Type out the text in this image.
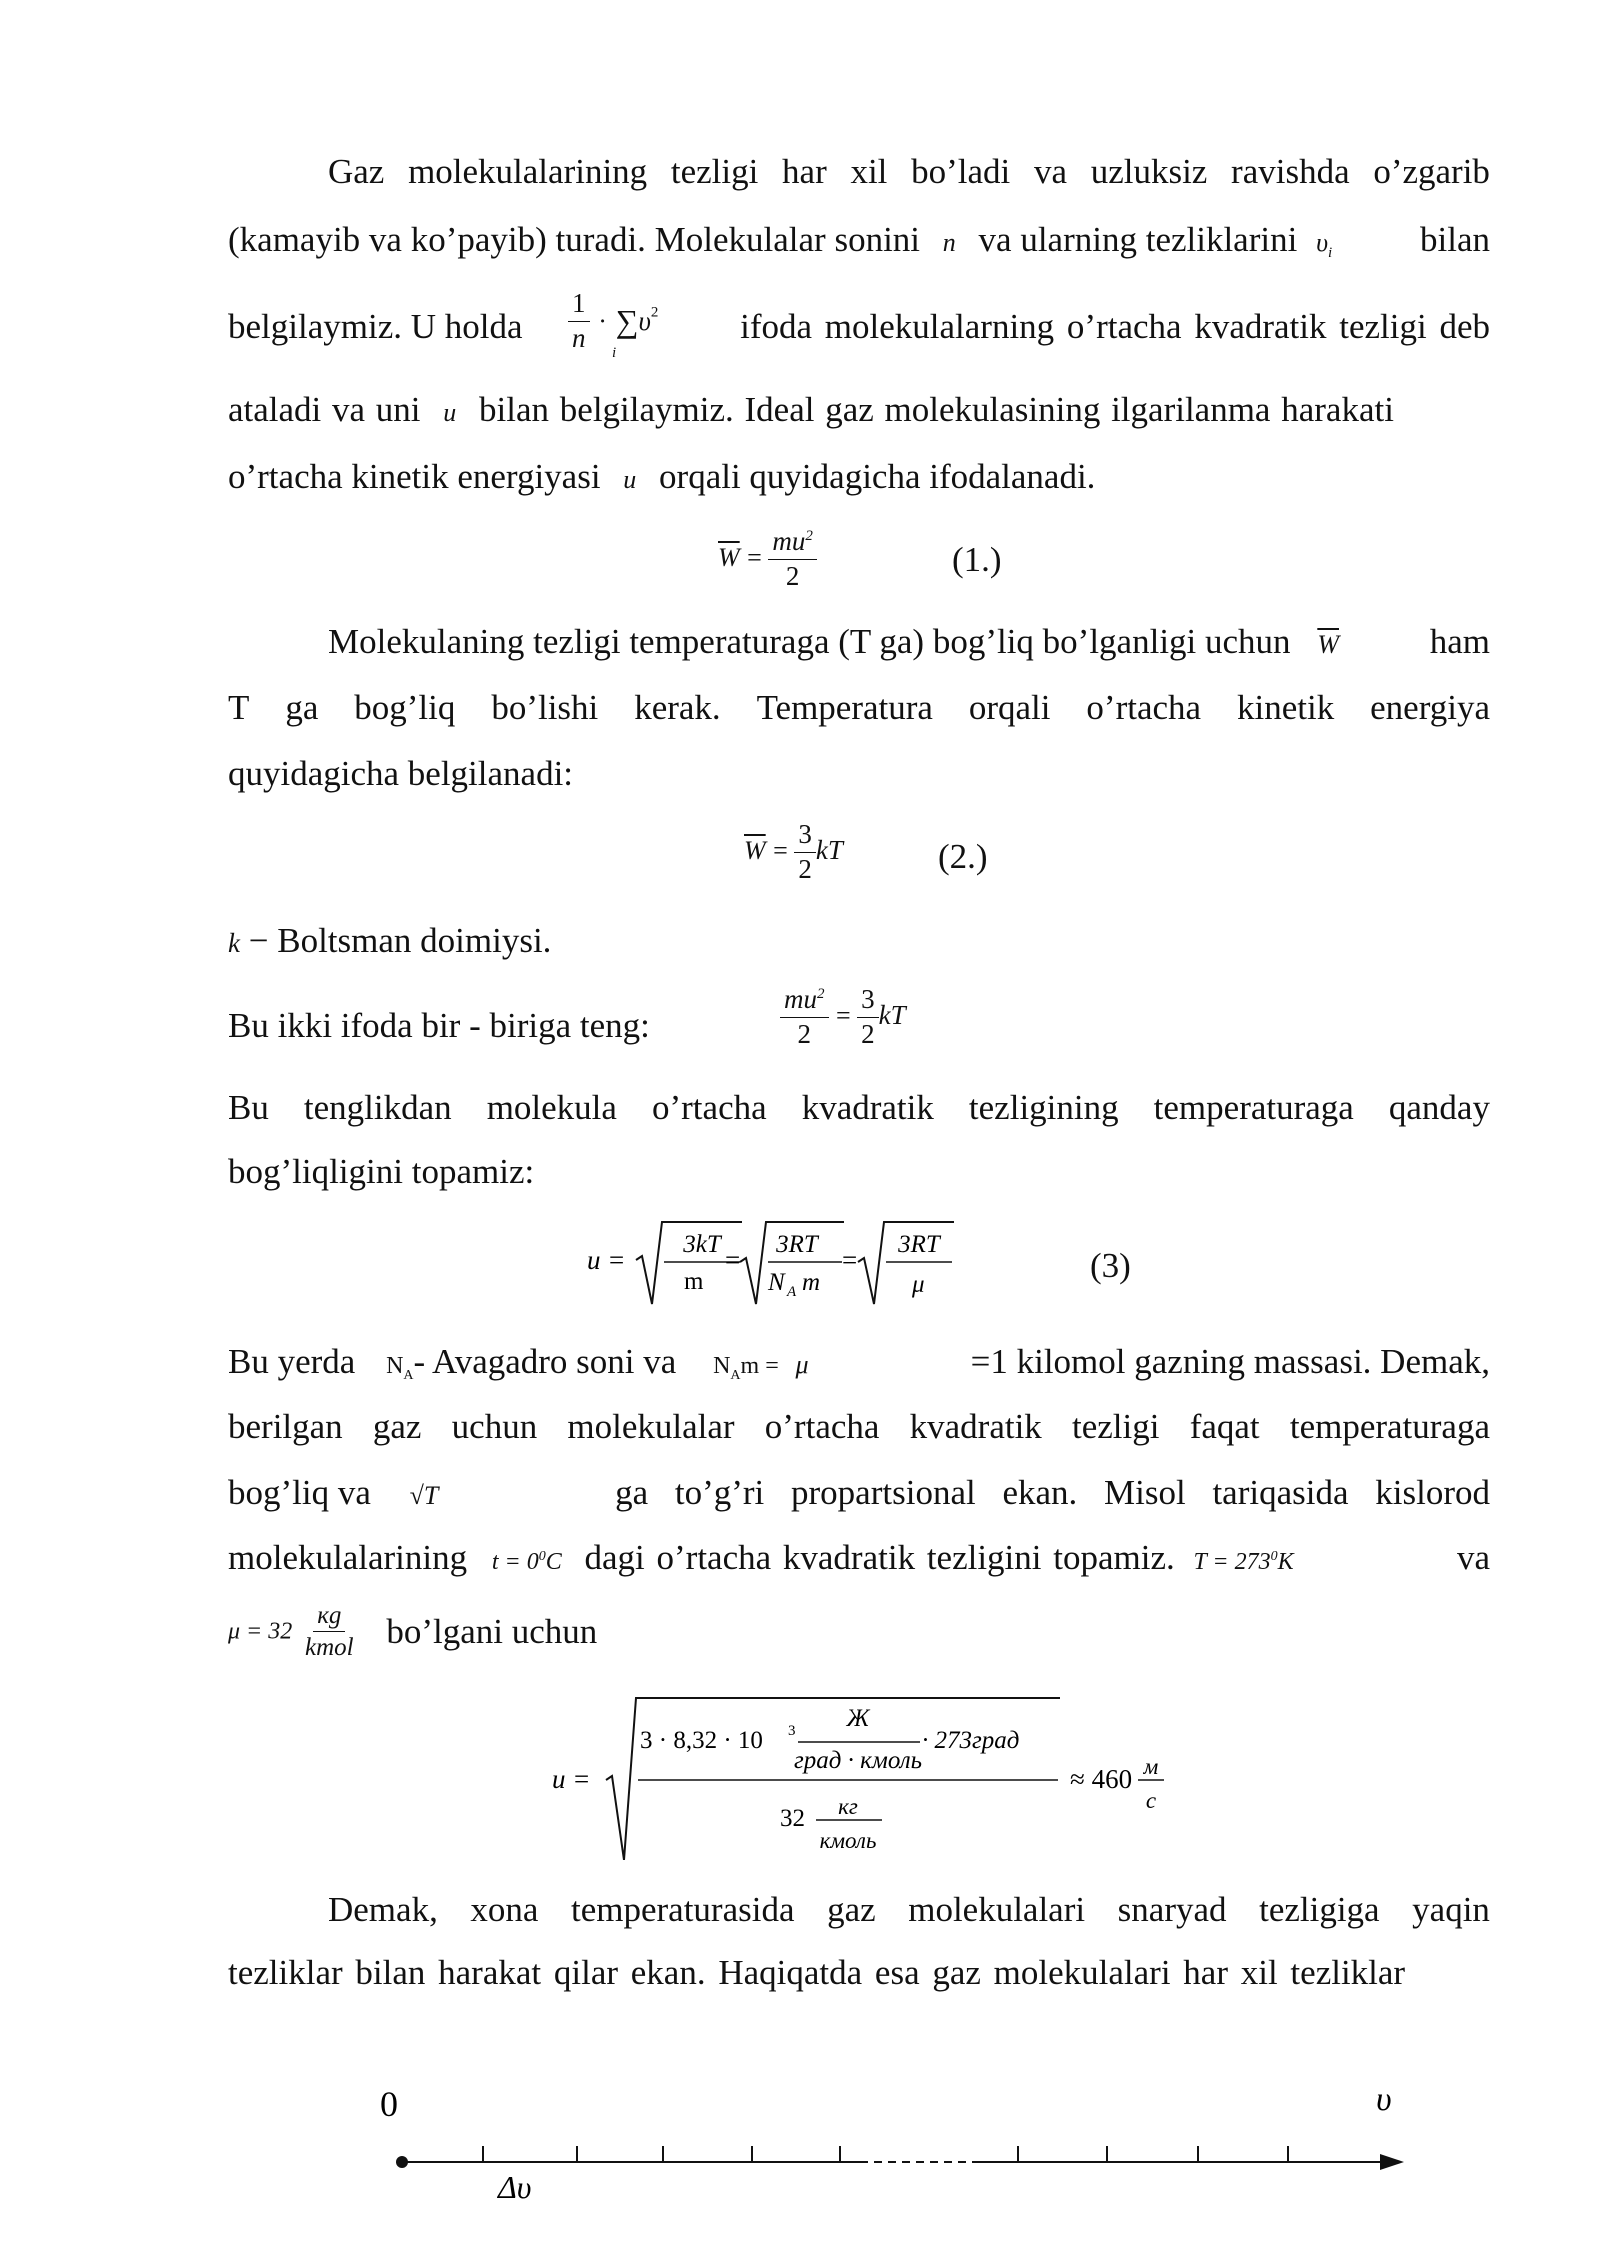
Gaz molekulalarining tezligi har xil bo’ladi va uzluksiz ravishda o’zgarib
(kamayib va ko’payib) turadi. Molekulalar sonini n va ularning tezliklarini $\upsilon_i$	bilan
belgilaymiz. U holda $\frac{1}{n} \cdot \sum\upsilon^2$
i
ifoda molekulalarning o’rtacha kvadratik tezligi deb
ataladi va uni u bilan belgilaymiz. Ideal gaz molekulasining ilgarilanma harakati
o’rtacha kinetik energiyasi u orqali quyidagicha ifodalanadi.
$\overline{W} = \frac{mu^2}{2}$	(1.)
Molekulaning tezligi temperaturaga (T ga) bog’liq bo’lganligi uchun $\overline{W}$	ham
T ga bog’liq bo’lishi kerak. Temperatura orqali o’rtacha kinetik energiya
quyidagicha belgilanadi:
$\overline{W} = \frac{3}{2}$ kT	(2.)
k − Boltsman doimiysi.
Bu ikki ifoda bir - biriga teng:	$\frac{mu^2}{2} = \frac{3}{2}$ kT
Bu tenglikdan molekula o’rtacha kvadratik tezligining temperaturaga qanday
bog’liqligini topamiz:
u =
3kT
m
=
3RT
N A m
=
3RT
μ	(3)
Bu yerda $N_A-$ Avagadro soni va $N_Am = \mu$	=1 kilomol gazning massasi. Demak,
berilgan gaz uchun molekulalar o’rtacha kvadratik tezligi faqat temperaturaga
bog’liq va √T	ga to’g’ri propartsional ekan. Misol tariqasida kislorod
molekulalarining $t = 0^0C$ dagi o’rtacha kvadratik tezligini topamiz. $T = 273^0К$	va
$\mu = 32 \frac{кg}{\text{kmol}}$ bo’lgani uchun
u =
3 · 8,32 · 10 3 Ж
град · кмоль
· 273град
32 кг
кмоль
≈ 460 м
с
Demak, xona temperaturasida gaz molekulalari snaryad tezligiga yaqin
tezliklar bilan harakat qilar ekan. Haqiqatda esa gaz molekulalari har xil tezliklar
0	υ
Δυ
